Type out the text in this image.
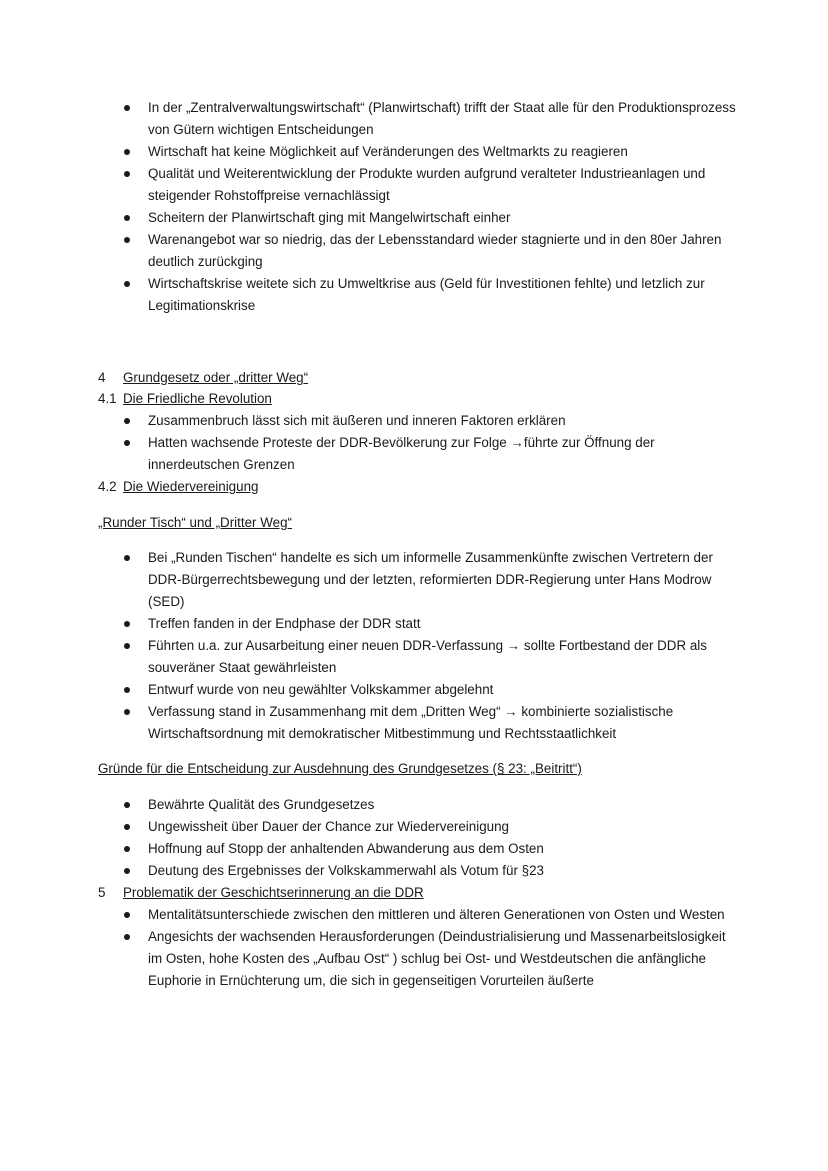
In der „Zentralverwaltungswirtschaft“ (Planwirtschaft) trifft der Staat alle für den Produktionsprozess von Gütern wichtigen Entscheidungen
Wirtschaft hat keine Möglichkeit auf Veränderungen des Weltmarkts zu reagieren
Qualität und Weiterentwicklung der Produkte wurden aufgrund veralteter Industrieanlagen und steigender Rohstoffpreise vernachlässigt
Scheitern der Planwirtschaft ging mit Mangelwirtschaft einher
Warenangebot war so niedrig, das der Lebensstandard wieder stagnierte und in den 80er Jahren deutlich zurückging
Wirtschaftskrise weitete sich zu Umweltkrise aus (Geld für Investitionen fehlte) und letzlich zur Legitimationskrise
4 Grundgesetz oder „dritter Weg“
4.1 Die Friedliche Revolution
Zusammenbruch lässt sich mit äußeren und inneren Faktoren erklären
Hatten wachsende Proteste der DDR-Bevölkerung zur Folge →führte zur Öffnung der innerdeutschen Grenzen
4.2 Die Wiedervereinigung
„Runder Tisch“ und „Dritter Weg“
Bei „Runden Tischen“ handelte es sich um informelle Zusammenkünfte zwischen Vertretern der DDR-Bürgerrechtsbewegung und der letzten, reformierten DDR-Regierung unter Hans Modrow (SED)
Treffen fanden in der Endphase der DDR statt
Führten u.a. zur Ausarbeitung einer neuen DDR-Verfassung → sollte Fortbestand der DDR als souveräner Staat gewährleisten
Entwurf wurde von neu gewählter Volkskammer abgelehnt
Verfassung stand in Zusammenhang mit dem „Dritten Weg“ → kombinierte sozialistische Wirtschaftsordnung mit demokratischer Mitbestimmung und Rechtsstaatlichkeit
Gründe für die Entscheidung zur Ausdehnung des Grundgesetzes (§ 23: „Beitritt“)
Bewährte Qualität des Grundgesetzes
Ungewissheit über Dauer der Chance zur Wiedervereinigung
Hoffnung auf Stopp der anhaltenden Abwanderung aus dem Osten
Deutung des Ergebnisses der Volkskammerwahl als Votum für §23
5 Problematik der Geschichtserinnerung an die DDR
Mentalitätsunterschiede zwischen den mittleren und älteren Generationen von Osten und Westen
Angesichts der wachsenden Herausforderungen (Deindustrialisierung und Massenarbeitslosigkeit im Osten, hohe Kosten des „Aufbau Ost“ ) schlug bei Ost- und Westdeutschen die anfängliche Euphorie in Ernüchterung um, die sich in gegenseitigen Vorurteilen äußerte
